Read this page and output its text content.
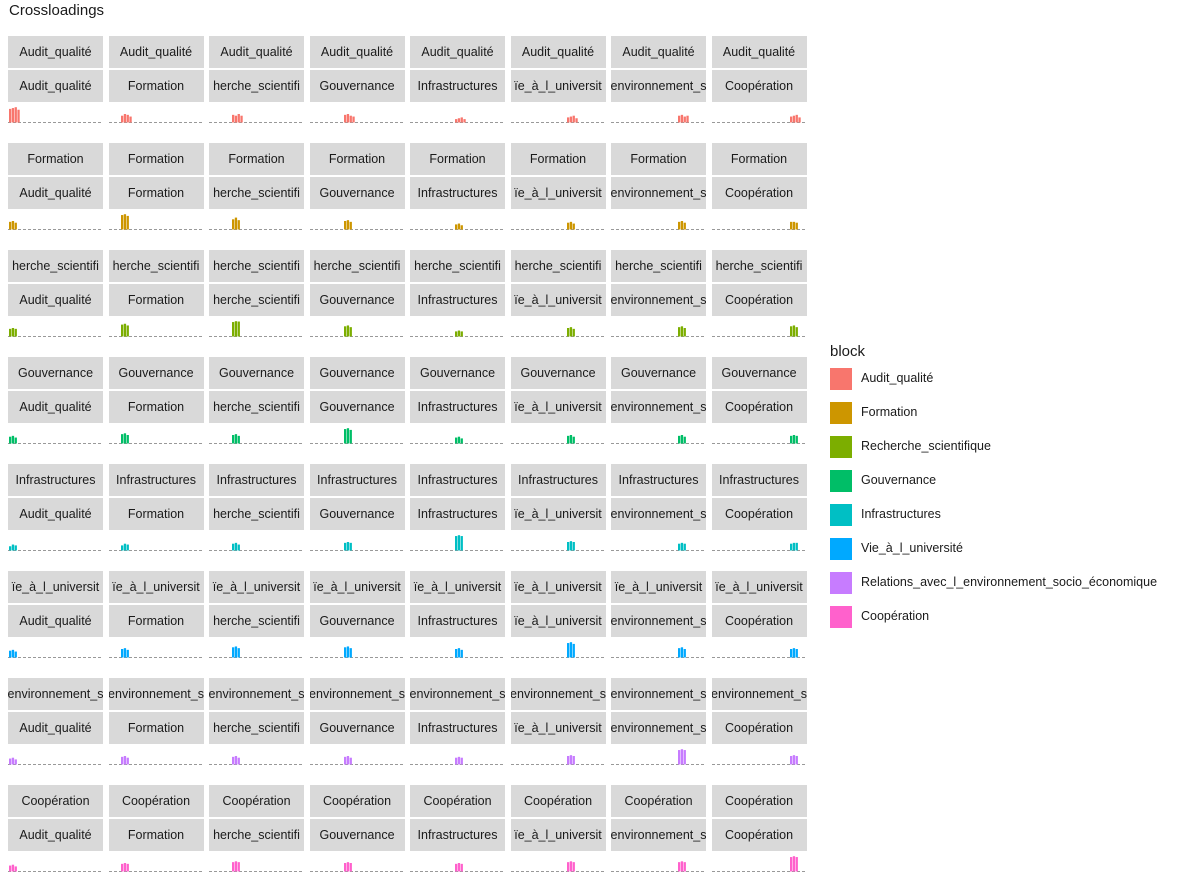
Crossloadings
Audit_qualité
Audit_qualité
Audit_qualité
Formation
Audit_qualité
herche_scientifi
Audit_qualité
Gouvernance
Audit_qualité
Infrastructures
Audit_qualité
ïe_à_l_universit
Audit_qualité
environnement_s
Audit_qualité
Coopération
Formation
Audit_qualité
Formation
Formation
Formation
herche_scientifi
Formation
Gouvernance
Formation
Infrastructures
Formation
ïe_à_l_universit
Formation
environnement_s
Formation
Coopération
herche_scientifi
Audit_qualité
herche_scientifi
Formation
herche_scientifi
herche_scientifi
herche_scientifi
Gouvernance
herche_scientifi
Infrastructures
herche_scientifi
ïe_à_l_universit
herche_scientifi
environnement_s
herche_scientifi
Coopération
Gouvernance
Audit_qualité
Gouvernance
Formation
Gouvernance
herche_scientifi
Gouvernance
Gouvernance
Gouvernance
Infrastructures
Gouvernance
ïe_à_l_universit
Gouvernance
environnement_s
Gouvernance
Coopération
Infrastructures
Audit_qualité
Infrastructures
Formation
Infrastructures
herche_scientifi
Infrastructures
Gouvernance
Infrastructures
Infrastructures
Infrastructures
ïe_à_l_universit
Infrastructures
environnement_s
Infrastructures
Coopération
ïe_à_l_universit
Audit_qualité
ïe_à_l_universit
Formation
ïe_à_l_universit
herche_scientifi
ïe_à_l_universit
Gouvernance
ïe_à_l_universit
Infrastructures
ïe_à_l_universit
ïe_à_l_universit
ïe_à_l_universit
environnement_s
ïe_à_l_universit
Coopération
environnement_s
Audit_qualité
environnement_s
Formation
environnement_s
herche_scientifi
environnement_s
Gouvernance
environnement_s
Infrastructures
environnement_s
ïe_à_l_universit
environnement_s
environnement_s
environnement_s
Coopération
Coopération
Audit_qualité
Coopération
Formation
Coopération
herche_scientifi
Coopération
Gouvernance
Coopération
Infrastructures
Coopération
ïe_à_l_universit
Coopération
environnement_s
Coopération
Coopération
block
Audit_qualité
Formation
Recherche_scientifique
Gouvernance
Infrastructures
Vie_à_l_université
Relations_avec_l_environnement_socio_économique
Coopération
